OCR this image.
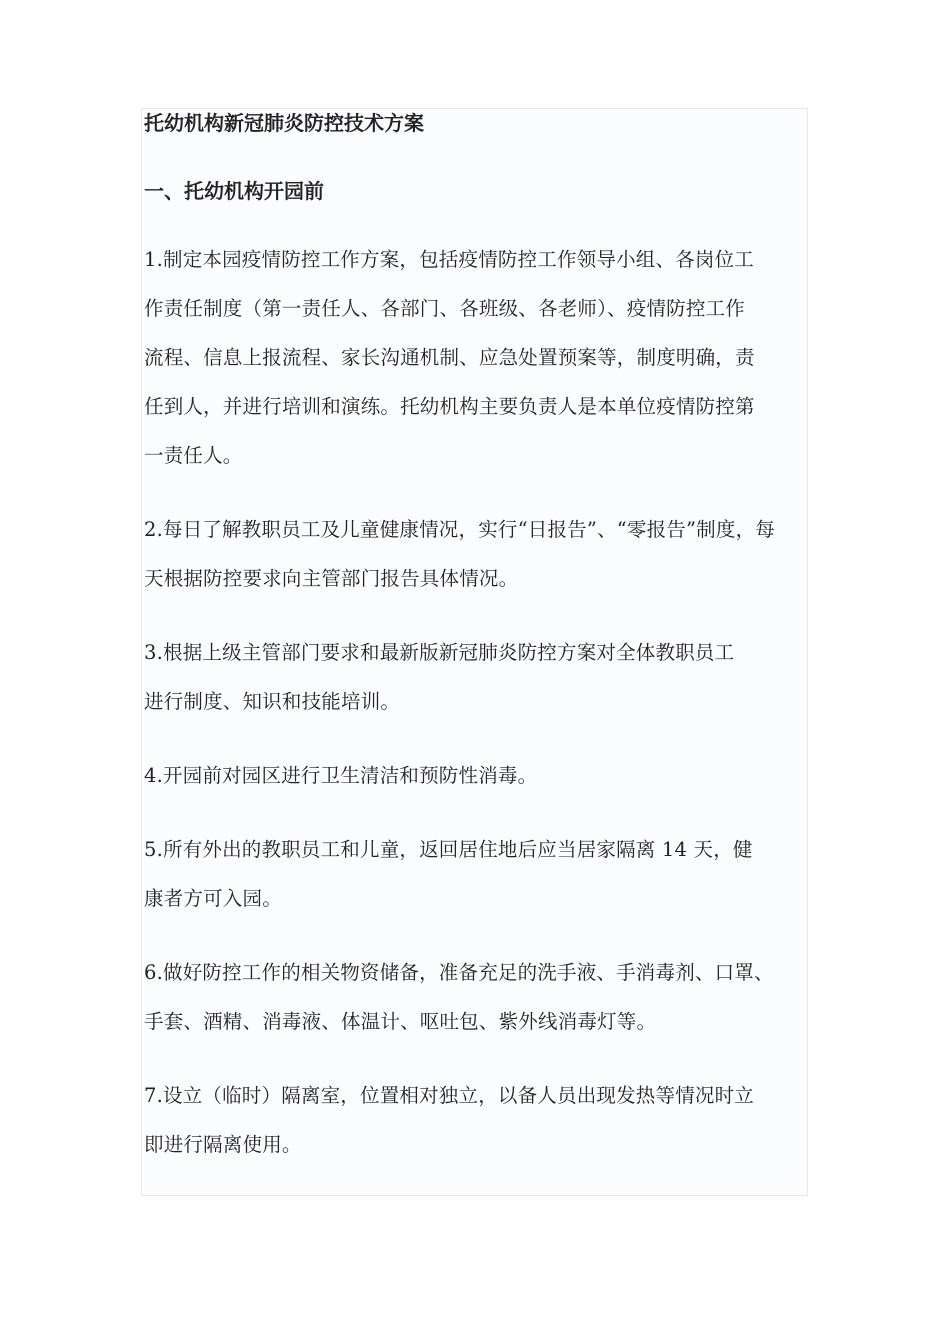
托幼机构新冠肺炎防控技术方案
一、托幼机构开园前

1.制定本园疫情防控工作方案，包括疫情防控工作领导小组、各岗位工
作责任制度（第一责任人、各部门、各班级、各老师）、疫情防控工作
流程、信息上报流程、家长沟通机制、应急处置预案等，制度明确，责
任到人，并进行培训和演练。托幼机构主要负责人是本单位疫情防控第
一责任人。

2.每日了解教职员工及儿童健康情况，实行“日报告”、“零报告”制度，每
天根据防控要求向主管部门报告具体情况。

3.根据上级主管部门要求和最新版新冠肺炎防控方案对全体教职员工
进行制度、知识和技能培训。

4.开园前对园区进行卫生清洁和预防性消毒。

5.所有外出的教职员工和儿童，返回居住地后应当居家隔离 14 天，健
康者方可入园。

6.做好防控工作的相关物资储备，准备充足的洗手液、手消毒剂、口罩、
手套、酒精、消毒液、体温计、呕吐包、紫外线消毒灯等。

7.设立（临时）隔离室，位置相对独立，以备人员出现发热等情况时立
即进行隔离使用。
